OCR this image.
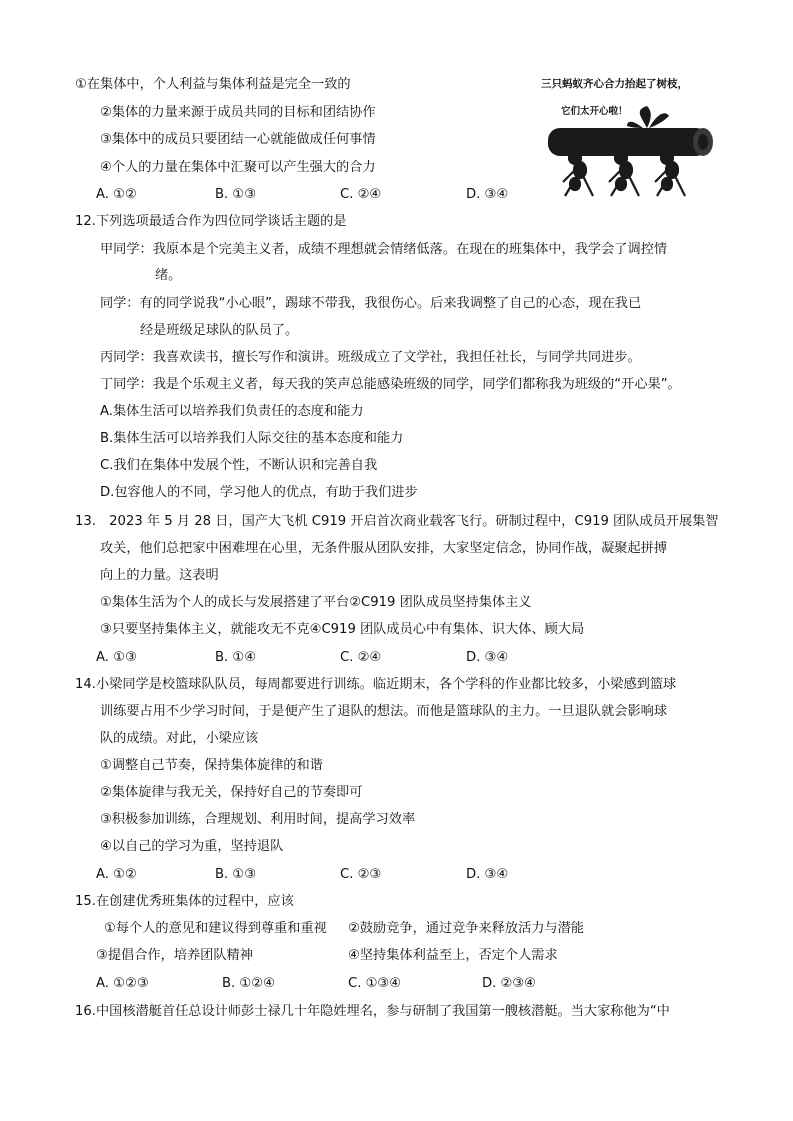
①在集体中，个人利益与集体利益是完全一致的
②集体的力量来源于成员共同的目标和团结协作
③集体中的成员只要团结一心就能做成任何事情
④个人的力量在集体中汇聚可以产生强大的合力
A. ①②	B. ①③	C. ②④	D. ③④
三只蚂蚁齐心合力抬起了树枝，
它们太开心啦！
12.下列选项最适合作为四位同学谈话主题的是
甲同学：我原本是个完美主义者，成绩不理想就会情绪低落。在现在的班集体中，我学会了调控情
绪。
同学：有的同学说我“小心眼”，踢球不带我，我很伤心。后来我调整了自己的心态，现在我已
经是班级足球队的队员了。
丙同学：我喜欢读书，擅长写作和演讲。班级成立了文学社，我担任社长，与同学共同进步。
丁同学：我是个乐观主义者，每天我的笑声总能感染班级的同学，同学们都称我为班级的“开心果”。
A.集体生活可以培养我们负责任的态度和能力
B.集体生活可以培养我们人际交往的基本态度和能力
C.我们在集体中发展个性，不断认识和完善自我
D.包容他人的不同，学习他人的优点，有助于我们进步
13.　2023 年 5 月 28 日，国产大飞机 C919 开启首次商业载客飞行。研制过程中，C919 团队成员开展集智
攻关，他们总把家中困难埋在心里，无条件服从团队安排，大家坚定信念，协同作战，凝聚起拼搏
向上的力量。这表明
①集体生活为个人的成长与发展搭建了平台②C919 团队成员坚持集体主义
③只要坚持集体主义，就能攻无不克④C919 团队成员心中有集体、识大体、顾大局
A. ①③	B. ①④	C. ②④	D. ③④
14.小梁同学是校篮球队队员，每周都要进行训练。临近期末，各个学科的作业都比较多，小梁感到篮球
训练要占用不少学习时间，于是便产生了退队的想法。而他是篮球队的主力。一旦退队就会影响球
队的成绩。对此，小梁应该
①调整自己节奏，保持集体旋律的和谐
②集体旋律与我无关，保持好自己的节奏即可
③积极参加训练，合理规划、利用时间，提高学习效率
④以自己的学习为重，坚持退队
A. ①②	B. ①③	C. ②③	D. ③④
15.在创建优秀班集体的过程中，应该
①每个人的意见和建议得到尊重和重视 ②鼓励竞争，通过竞争来释放活力与潜能
③提倡合作，培养团队精神	④坚持集体利益至上，否定个人需求
A. ①②③	B. ①②④	C. ①③④	D. ②③④
16.中国核潜艇首任总设计师彭士禄几十年隐姓埋名，参与研制了我国第一艘核潜艇。当大家称他为“中
